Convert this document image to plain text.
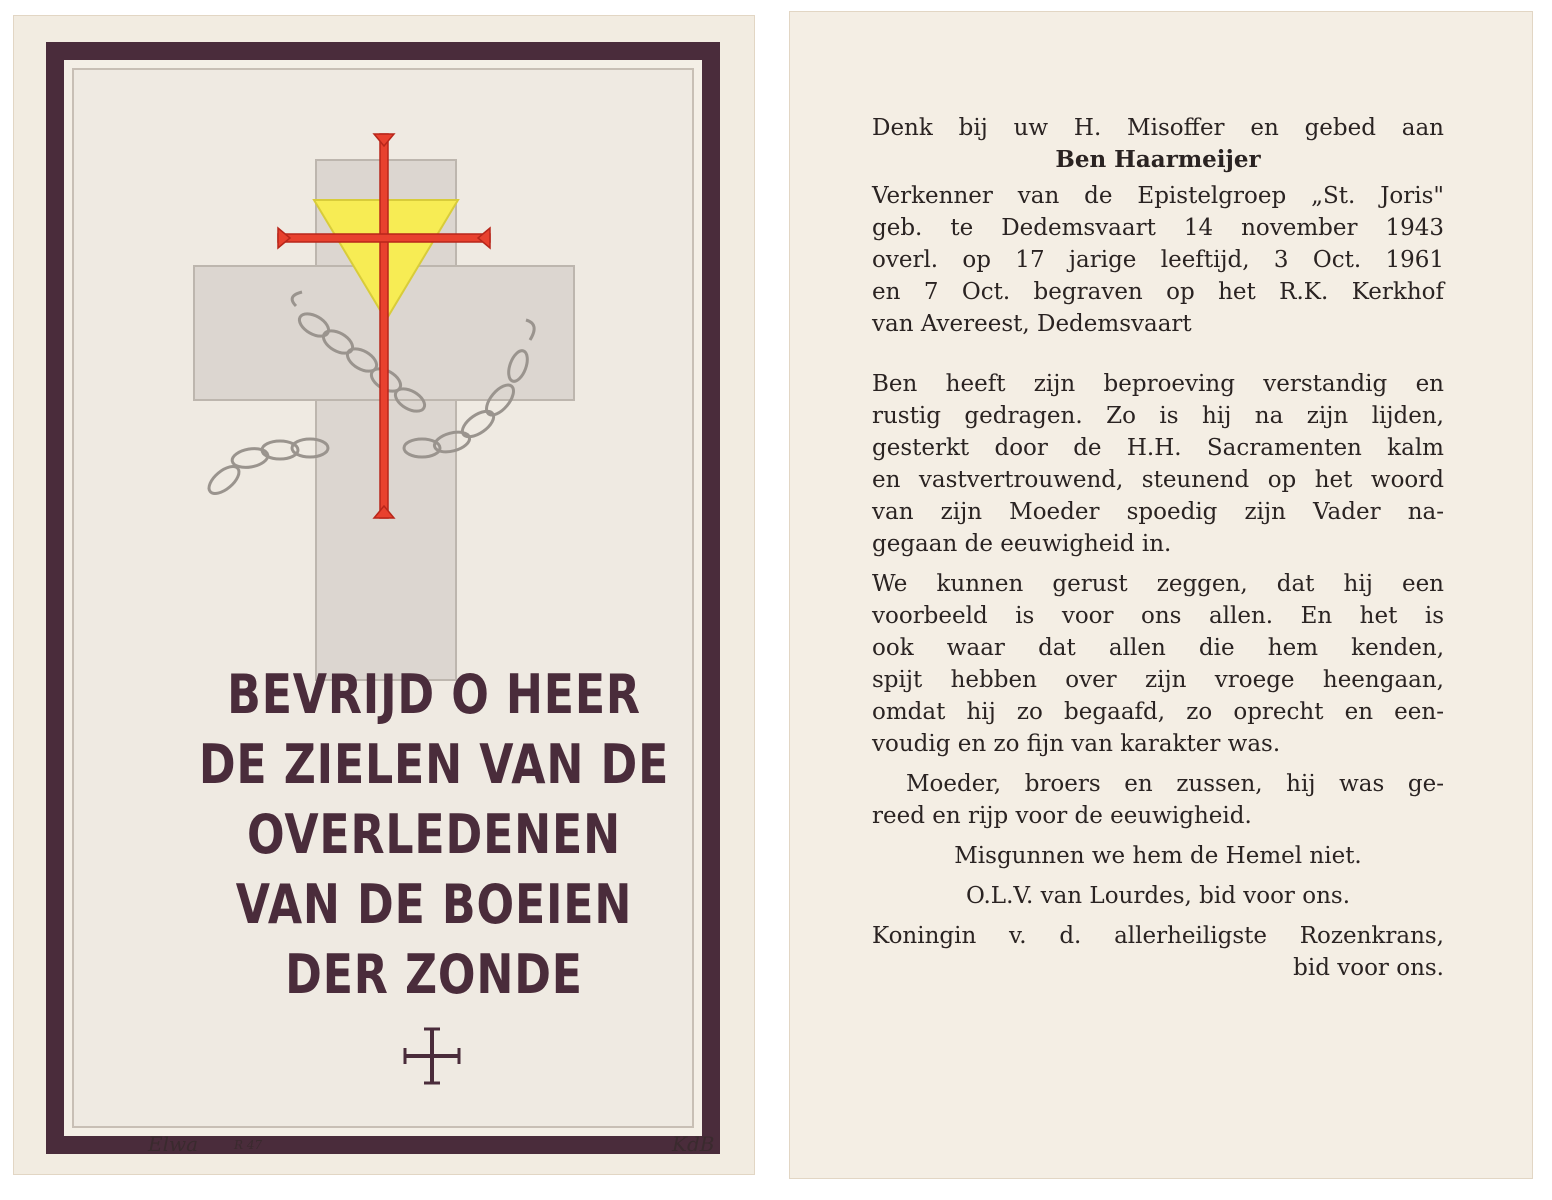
BEVRIJD O HEER
DE ZIELEN VAN DE
OVERLEDENEN
VAN DE BOEIEN
DER ZONDE
Elwa	R 47	KdB
Denk bij uw H. Misoffer en gebed aan
Ben Haarmeijer
Verkenner van de Epistelgroep „St. Joris"
geb. te Dedemsvaart 14 november 1943
overl. op 17 jarige leeftijd, 3 Oct. 1961
en 7 Oct. begraven op het R.K. Kerkhof
van Avereest, Dedemsvaart
Ben heeft zijn beproeving verstandig en
rustig gedragen. Zo is hij na zijn lijden,
gesterkt door de H.H. Sacramenten kalm
en vastvertrouwend, steunend op het woord
van zijn Moeder spoedig zijn Vader na-
gegaan de eeuwigheid in.
We kunnen gerust zeggen, dat hij een
voorbeeld is voor ons allen. En het is
ook waar dat allen die hem kenden,
spijt hebben over zijn vroege heengaan,
omdat hij zo begaafd, zo oprecht en een-
voudig en zo fijn van karakter was.
Moeder, broers en zussen, hij was ge-
reed en rijp voor de eeuwigheid.
Misgunnen we hem de Hemel niet.
O.L.V. van Lourdes, bid voor ons.
Koningin v. d. allerheiligste Rozenkrans,
bid voor ons.
